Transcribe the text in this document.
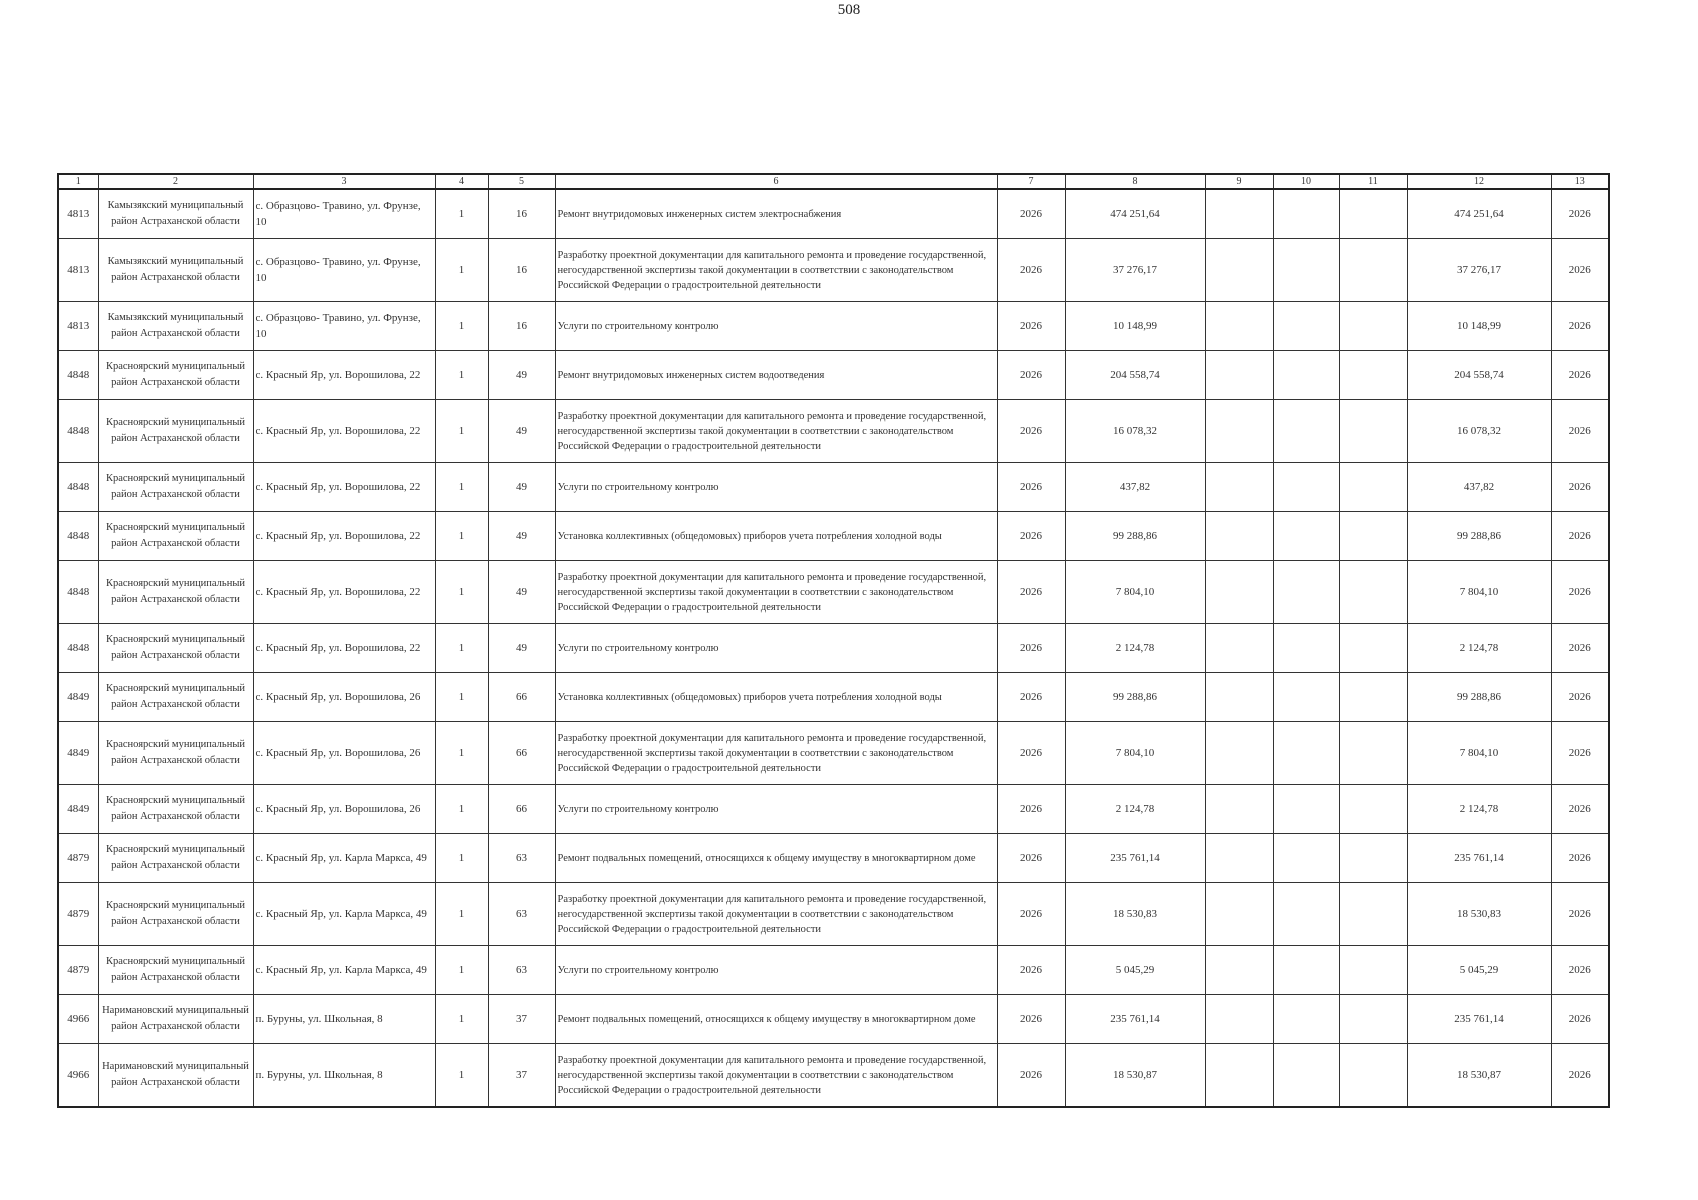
508
1	2	3	4	5	6	7	8	9	10	11	12	13
4813	Камызякский муниципальный район Астраханской области	с. Образцово- Травино, ул. Фрунзе, 10	1	16	Ремонт внутридомовых инженерных систем электроснабжения	2026	474 251,64				474 251,64	2026
4813	Камызякский муниципальный район Астраханской области	с. Образцово- Травино, ул. Фрунзе, 10	1	16	Разработку проектной документации для капитального ремонта и проведение государственной, негосударственной экспертизы такой документации в соответствии с законодательством Российской Федерации о градостроительной деятельности	2026	37 276,17				37 276,17	2026
4813	Камызякский муниципальный район Астраханской области	с. Образцово- Травино, ул. Фрунзе, 10	1	16	Услуги по строительному контролю	2026	10 148,99				10 148,99	2026
4848	Красноярский муниципальный район Астраханской области	с. Красный Яр, ул. Ворошилова, 22	1	49	Ремонт внутридомовых инженерных систем водоотведения	2026	204 558,74				204 558,74	2026
4848	Красноярский муниципальный район Астраханской области	с. Красный Яр, ул. Ворошилова, 22	1	49	Разработку проектной документации для капитального ремонта и проведение государственной, негосударственной экспертизы такой документации в соответствии с законодательством Российской Федерации о градостроительной деятельности	2026	16 078,32				16 078,32	2026
4848	Красноярский муниципальный район Астраханской области	с. Красный Яр, ул. Ворошилова, 22	1	49	Услуги по строительному контролю	2026	437,82				437,82	2026
4848	Красноярский муниципальный район Астраханской области	с. Красный Яр, ул. Ворошилова, 22	1	49	Установка коллективных (общедомовых) приборов учета потребления холодной воды	2026	99 288,86				99 288,86	2026
4848	Красноярский муниципальный район Астраханской области	с. Красный Яр, ул. Ворошилова, 22	1	49	Разработку проектной документации для капитального ремонта и проведение государственной, негосударственной экспертизы такой документации в соответствии с законодательством Российской Федерации о градостроительной деятельности	2026	7 804,10				7 804,10	2026
4848	Красноярский муниципальный район Астраханской области	с. Красный Яр, ул. Ворошилова, 22	1	49	Услуги по строительному контролю	2026	2 124,78				2 124,78	2026
4849	Красноярский муниципальный район Астраханской области	с. Красный Яр, ул. Ворошилова, 26	1	66	Установка коллективных (общедомовых) приборов учета потребления холодной воды	2026	99 288,86				99 288,86	2026
4849	Красноярский муниципальный район Астраханской области	с. Красный Яр, ул. Ворошилова, 26	1	66	Разработку проектной документации для капитального ремонта и проведение государственной, негосударственной экспертизы такой документации в соответствии с законодательством Российской Федерации о градостроительной деятельности	2026	7 804,10				7 804,10	2026
4849	Красноярский муниципальный район Астраханской области	с. Красный Яр, ул. Ворошилова, 26	1	66	Услуги по строительному контролю	2026	2 124,78				2 124,78	2026
4879	Красноярский муниципальный район Астраханской области	с. Красный Яр, ул. Карла Маркса, 49	1	63	Ремонт подвальных помещений, относящихся к общему имуществу в многоквартирном доме	2026	235 761,14				235 761,14	2026
4879	Красноярский муниципальный район Астраханской области	с. Красный Яр, ул. Карла Маркса, 49	1	63	Разработку проектной документации для капитального ремонта и проведение государственной, негосударственной экспертизы такой документации в соответствии с законодательством Российской Федерации о градостроительной деятельности	2026	18 530,83				18 530,83	2026
4879	Красноярский муниципальный район Астраханской области	с. Красный Яр, ул. Карла Маркса, 49	1	63	Услуги по строительному контролю	2026	5 045,29				5 045,29	2026
4966	Наримановский муниципальный район Астраханской области	п. Буруны, ул. Школьная, 8	1	37	Ремонт подвальных помещений, относящихся к общему имуществу в многоквартирном доме	2026	235 761,14				235 761,14	2026
4966	Наримановский муниципальный район Астраханской области	п. Буруны, ул. Школьная, 8	1	37	Разработку проектной документации для капитального ремонта и проведение государственной, негосударственной экспертизы такой документации в соответствии с законодательством Российской Федерации о градостроительной деятельности	2026	18 530,87				18 530,87	2026
